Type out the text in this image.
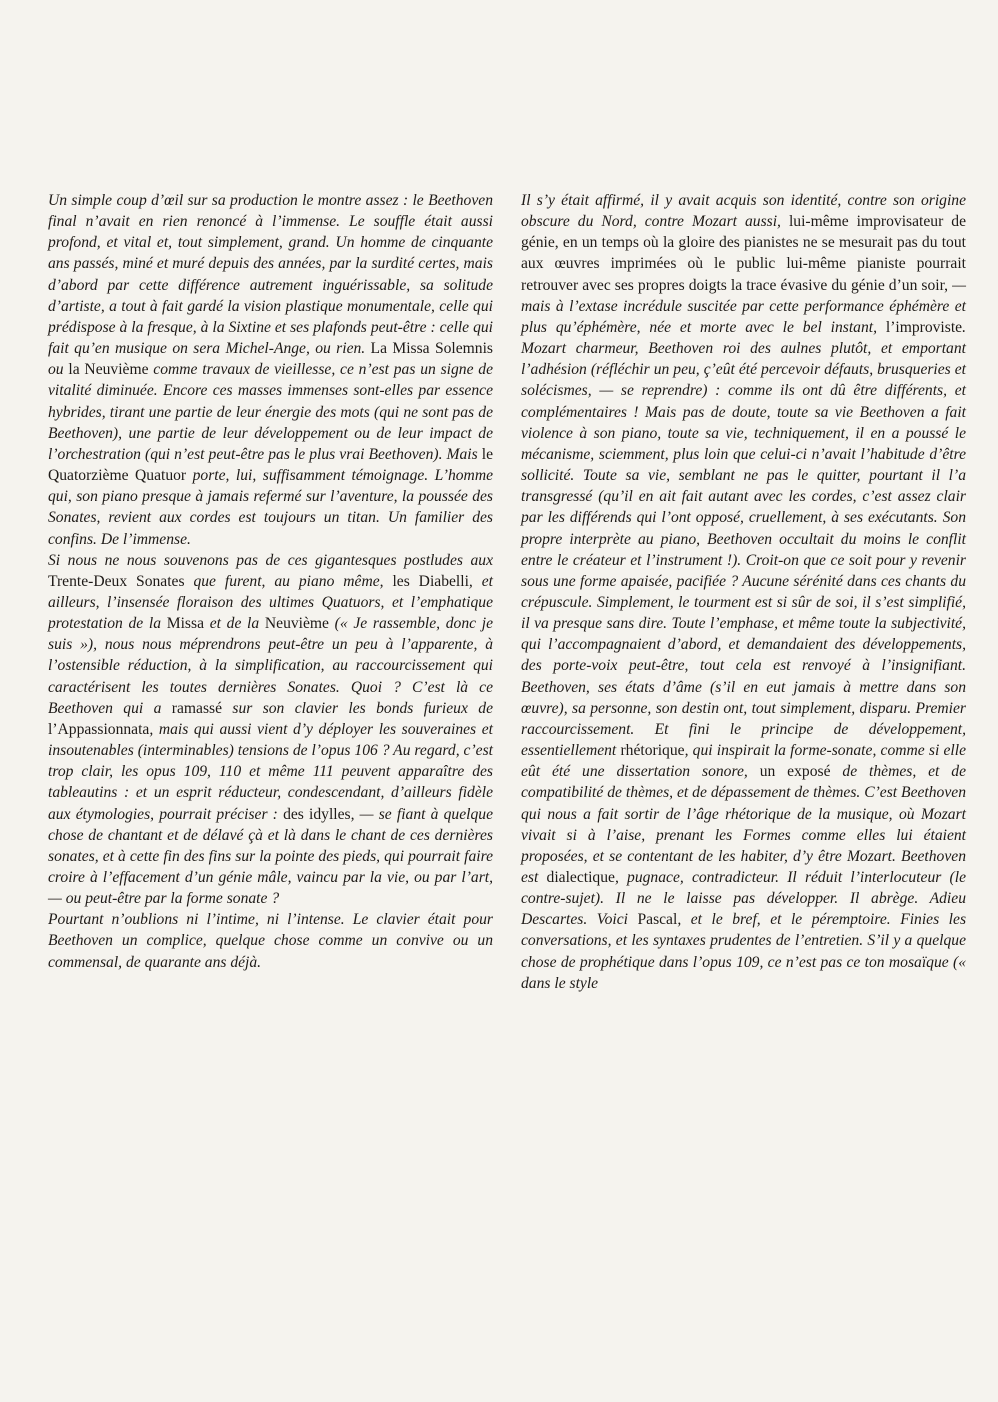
Un simple coup d’œil sur sa production le montre assez : le Beethoven final n’avait en rien renoncé à l’immense. Le souffle était aussi profond, et vital et, tout simplement, grand. Un homme de cinquante ans passés, miné et muré depuis des années, par la surdité certes, mais d’abord par cette différence autrement inguérissable, sa solitude d’artiste, a tout à fait gardé la vision plastique monumentale, celle qui prédispose à la fresque, à la Sixtine et ses plafonds peut-être : celle qui fait qu’en musique on sera Michel-Ange, ou rien. La Missa Solemnis ou la Neuvième comme travaux de vieillesse, ce n’est pas un signe de vitalité diminuée. Encore ces masses immenses sont-elles par essence hybrides, tirant une partie de leur énergie des mots (qui ne sont pas de Beethoven), une partie de leur développement ou de leur impact de l’orchestration (qui n’est peut-être pas le plus vrai Beethoven). Mais le Quatorzième Quatuor porte, lui, suffisamment témoignage. L’homme qui, son piano presque à jamais refermé sur l’aventure, la poussée des Sonates, revient aux cordes est toujours un titan. Un familier des confins. De l’immense.

Si nous ne nous souvenons pas de ces gigantesques postludes aux Trente-Deux Sonates que furent, au piano même, les Diabelli, et ailleurs, l’insensée floraison des ultimes Quatuors, et l’emphatique protestation de la Missa et de la Neuvième (« Je rassemble, donc je suis »), nous nous méprendrons peut-être un peu à l’apparente, à l’ostensible réduction, à la simplification, au raccourcissement qui caractérisent les toutes dernières Sonates. Quoi ? C’est là ce Beethoven qui a ramassé sur son clavier les bonds furieux de l’Appassionnata, mais qui aussi vient d’y déployer les souveraines et insoutenables (interminables) tensions de l’opus 106 ? Au regard, c’est trop clair, les opus 109, 110 et même 111 peuvent apparaître des tableautins : et un esprit réducteur, condescendant, d’ailleurs fidèle aux étymologies, pourrait préciser : des idylles, — se fiant à quelque chose de chantant et de délavé çà et là dans le chant de ces dernières sonates, et à cette fin des fins sur la pointe des pieds, qui pourrait faire croire à l’effacement d’un génie mâle, vaincu par la vie, ou par l’art, — ou peut-être par la forme sonate ?

Pourtant n’oublions ni l’intime, ni l’intense. Le clavier était pour Beethoven un complice, quelque chose comme un convive ou un commensal, de quarante ans déjà.

Il s’y était affirmé, il y avait acquis son identité, contre son origine obscure du Nord, contre Mozart aussi, lui-même improvisateur de génie, en un temps où la gloire des pianistes ne se mesurait pas du tout aux œuvres imprimées où le public lui-même pianiste pourrait retrouver avec ses propres doigts la trace évasive du génie d’un soir, — mais à l’extase incrédule suscitée par cette performance éphémère et plus qu’éphémère, née et morte avec le bel instant, l’improviste. Mozart charmeur, Beethoven roi des aulnes plutôt, et emportant l’adhésion (réfléchir un peu, ç’eût été percevoir défauts, brusqueries et solécismes, — se reprendre) : comme ils ont dû être différents, et complémentaires ! Mais pas de doute, toute sa vie Beethoven a fait violence à son piano, toute sa vie, techniquement, il en a poussé le mécanisme, sciemment, plus loin que celui-ci n’avait l’habitude d’être sollicité. Toute sa vie, semblant ne pas le quitter, pourtant il l’a transgressé (qu’il en ait fait autant avec les cordes, c’est assez clair par les différends qui l’ont opposé, cruellement, à ses exécutants. Son propre interprète au piano, Beethoven occultait du moins le conflit entre le créateur et l’instrument !). Croit-on que ce soit pour y revenir sous une forme apaisée, pacifiée ? Aucune sérénité dans ces chants du crépuscule. Simplement, le tourment est si sûr de soi, il s’est simplifié, il va presque sans dire. Toute l’emphase, et même toute la subjectivité, qui l’accompagnaient d’abord, et demandaient des développements, des porte-voix peut-être, tout cela est renvoyé à l’insignifiant. Beethoven, ses états d’âme (s’il en eut jamais à mettre dans son œuvre), sa personne, son destin ont, tout simplement, disparu. Premier raccourcissement. Et fini le principe de développement, essentiellement rhétorique, qui inspirait la forme-sonate, comme si elle eût été une dissertation sonore, un exposé de thèmes, et de compatibilité de thèmes, et de dépassement de thèmes. C’est Beethoven qui nous a fait sortir de l’âge rhétorique de la musique, où Mozart vivait si à l’aise, prenant les Formes comme elles lui étaient proposées, et se contentant de les habiter, d’y être Mozart. Beethoven est dialectique, pugnace, contradicteur. Il réduit l’interlocuteur (le contre-sujet). Il ne le laisse pas développer. Il abrège. Adieu Descartes. Voici Pascal, et le bref, et le péremptoire. Finies les conversations, et les syntaxes prudentes de l’entretien. S’il y a quelque chose de prophétique dans l’opus 109, ce n’est pas ce ton mosaïque (« dans le style
